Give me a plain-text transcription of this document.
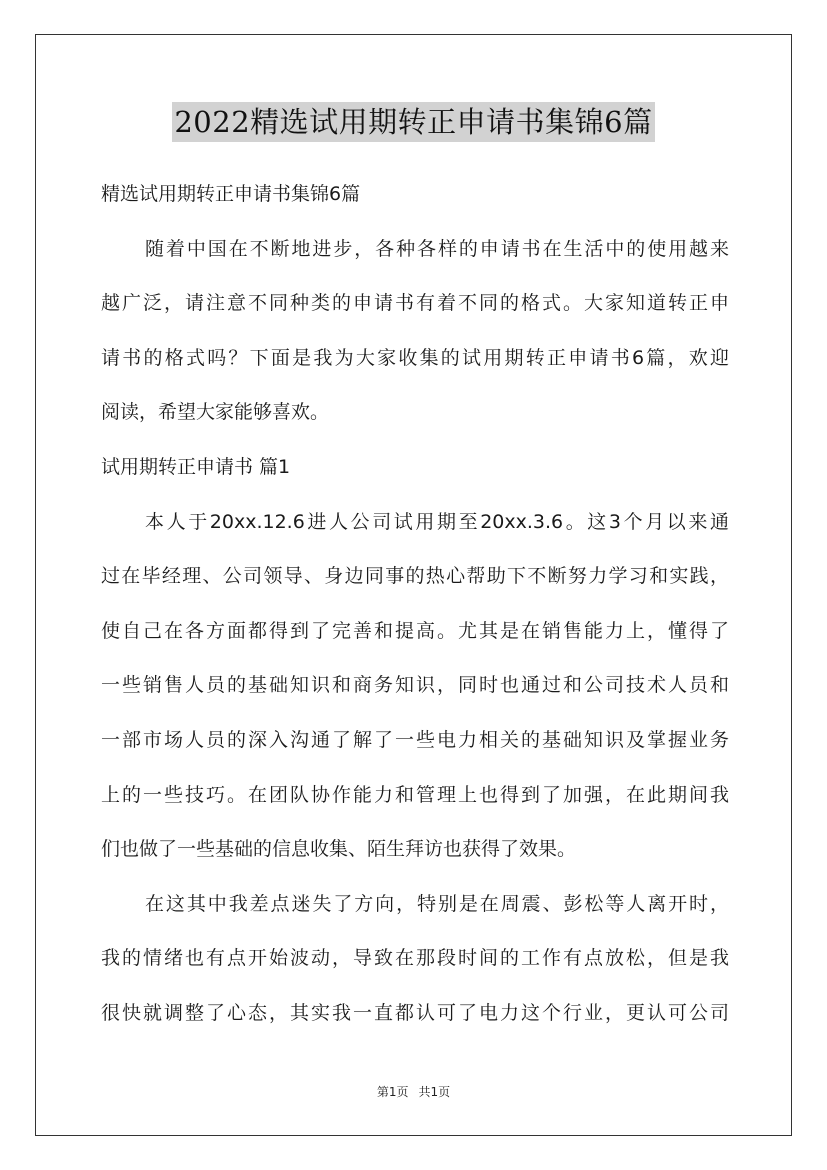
2022精选试用期转正申请书集锦6篇
精选试用期转正申请书集锦6篇
随着中国在不断地进步，各种各样的申请书在生活中的使用越来
越广泛，请注意不同种类的申请书有着不同的格式。大家知道转正申
请书的格式吗？下面是我为大家收集的试用期转正申请书6篇，欢迎
阅读，希望大家能够喜欢。
试用期转正申请书 篇1
本人于20xx.12.6进人公司试用期至20xx.3.6。这3个月以来通
过在毕经理、公司领导、身边同事的热心帮助下不断努力学习和实践，
使自己在各方面都得到了完善和提高。尤其是在销售能力上，懂得了
一些销售人员的基础知识和商务知识，同时也通过和公司技术人员和
一部市场人员的深入沟通了解了一些电力相关的基础知识及掌握业务
上的一些技巧。在团队协作能力和管理上也得到了加强，在此期间我
们也做了一些基础的信息收集、陌生拜访也获得了效果。
在这其中我差点迷失了方向，特别是在周震、彭松等人离开时，
我的情绪也有点开始波动，导致在那段时间的工作有点放松，但是我
很快就调整了心态，其实我一直都认可了电力这个行业，更认可公司
第1页 共1页
